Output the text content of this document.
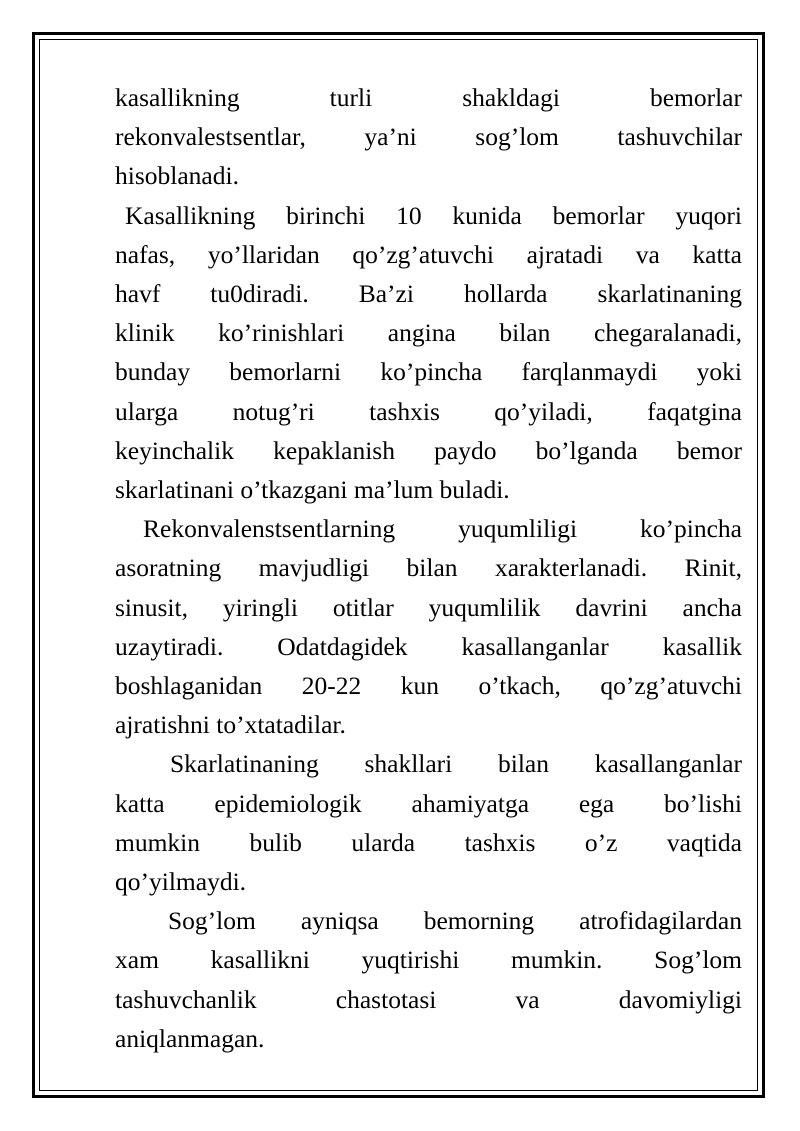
kasallikning	turli	shakldagi	bemorlar
rekonvalestsentlar, ya’ni sog’lom tashuvchilar
hisoblanadi.
Kasallikning birinchi 10 kunida bemorlar yuqori
nafas, yo’llaridan qo’zg’atuvchi ajratadi va katta
havf tu0diradi. Ba’zi hollarda skarlatinaning
klinik ko’rinishlari angina bilan chegaralanadi,
bunday bemorlarni ko’pincha farqlanmaydi yoki
ularga notug’ri tashxis qo’yiladi, faqatgina
keyinchalik kepaklanish paydo bo’lganda bemor
skarlatinani o’tkazgani ma’lum buladi.
Rekonvalenstsentlarning yuqumliligi ko’pincha
asoratning mavjudligi bilan xarakterlanadi. Rinit,
sinusit, yiringli otitlar yuqumlilik davrini ancha
uzaytiradi. Odatdagidek kasallanganlar kasallik
boshlaganidan 20-22 kun o’tkach, qo’zg’atuvchi
ajratishni to’xtatadilar.
Skarlatinaning shakllari bilan kasallanganlar
katta epidemiologik ahamiyatga ega bo’lishi
mumkin bulib ularda tashxis o’z vaqtida
qo’yilmaydi.
Sog’lom ayniqsa bemorning atrofidagilardan
xam kasallikni yuqtirishi mumkin. Sog’lom
tashuvchanlik	chastotasi	va	davomiyligi
aniqlanmagan.
